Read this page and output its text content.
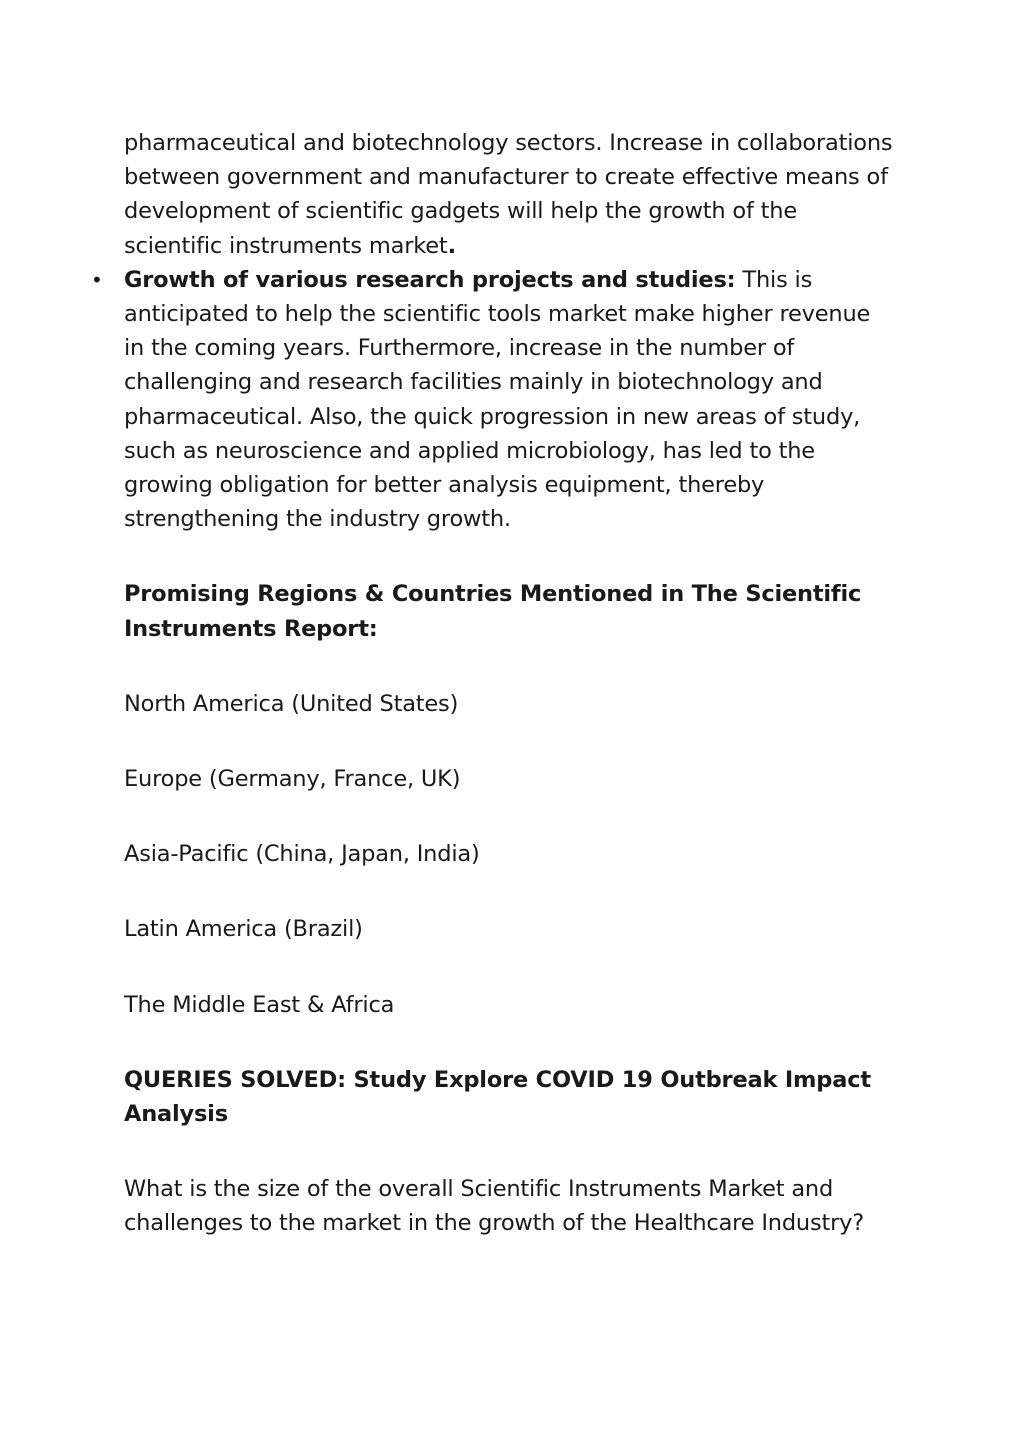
pharmaceutical and biotechnology sectors. Increase in collaborations between government and manufacturer to create effective means of development of scientific gadgets will help the growth of the scientific instruments market.

• Growth of various research projects and studies: This is anticipated to help the scientific tools market make higher revenue in the coming years. Furthermore, increase in the number of challenging and research facilities mainly in biotechnology and pharmaceutical. Also, the quick progression in new areas of study, such as neuroscience and applied microbiology, has led to the growing obligation for better analysis equipment, thereby strengthening the industry growth.

Promising Regions & Countries Mentioned in The Scientific Instruments Report:

North America (United States)

Europe (Germany, France, UK)

Asia-Pacific (China, Japan, India)

Latin America (Brazil)

The Middle East & Africa

QUERIES SOLVED: Study Explore COVID 19 Outbreak Impact Analysis

What is the size of the overall Scientific Instruments Market and challenges to the market in the growth of the Healthcare Industry?
